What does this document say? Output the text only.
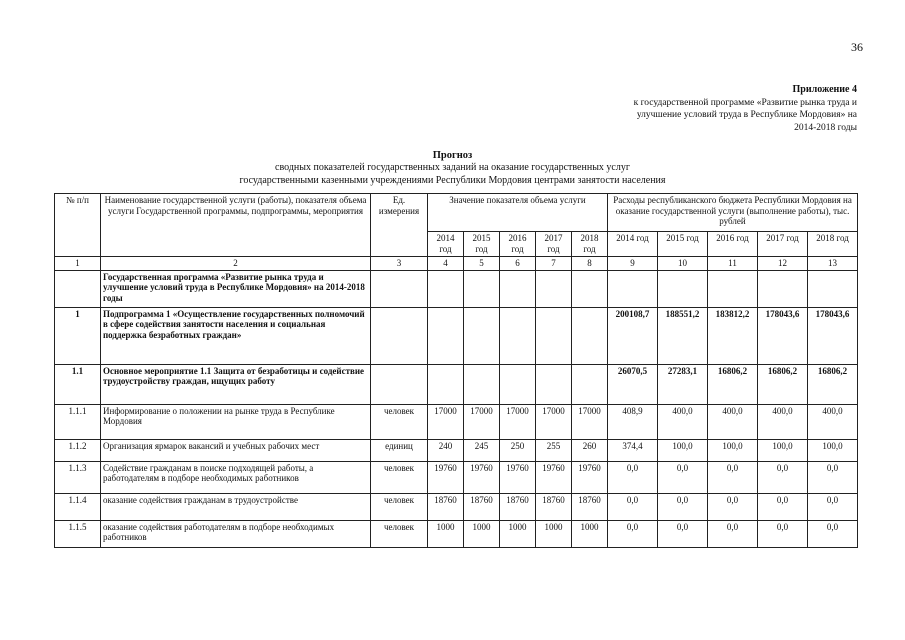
36
Приложение 4
к государственной программе «Развитие рынка труда и
улучшение условий труда в Республике Мордовия» на
2014-2018 годы
Прогноз
сводных показателей государственных заданий на оказание государственных услуг
государственными казенными учреждениями Республики Мордовия центрами занятости населения
№ п/п	Наименование государственной услуги (работы), показателя объема услуги Государственной программы, подпрограммы, мероприятия	Ед. измерения	Значение показателя объема услуги					Расходы республиканского бюджета Республики Мордовия на оказание государственной услуги (выполнение работы), тыс. рублей				
			2014 год	2015 год	2016 год	2017 год	2018 год	2014 год	2015 год	2016 год	2017 год	2018 год
1	2	3	4	5	6	7	8	9	10	11	12	13
	Государственная программа «Развитие рынка труда и улучшение условий труда в Республике Мордовия» на 2014-2018 годы											
1	Подпрограмма 1 «Осуществление государственных полномочий в сфере содействия занятости населения и социальная поддержка безработных граждан»							200108,7	188551,2	183812,2	178043,6	178043,6
1.1	Основное мероприятие 1.1 Защита от безработицы и содействие трудоустройству граждан, ищущих работу							26070,5	27283,1	16806,2	16806,2	16806,2
1.1.1	Информирование о положении на рынке труда в Республике Мордовия	человек	17000	17000	17000	17000	17000	408,9	400,0	400,0	400,0	400,0
1.1.2	Организация ярмарок вакансий и учебных рабочих мест	единиц	240	245	250	255	260	374,4	100,0	100,0	100,0	100,0
1.1.3	Содействие гражданам в поиске подходящей работы, а работодателям в подборе необходимых работников	человек	19760	19760	19760	19760	19760	0,0	0,0	0,0	0,0	0,0
1.1.4	оказание содействия гражданам в трудоустройстве	человек	18760	18760	18760	18760	18760	0,0	0,0	0,0	0,0	0,0
1.1.5	оказание содействия работодателям в подборе необходимых работников	человек	1000	1000	1000	1000	1000	0,0	0,0	0,0	0,0	0,0
